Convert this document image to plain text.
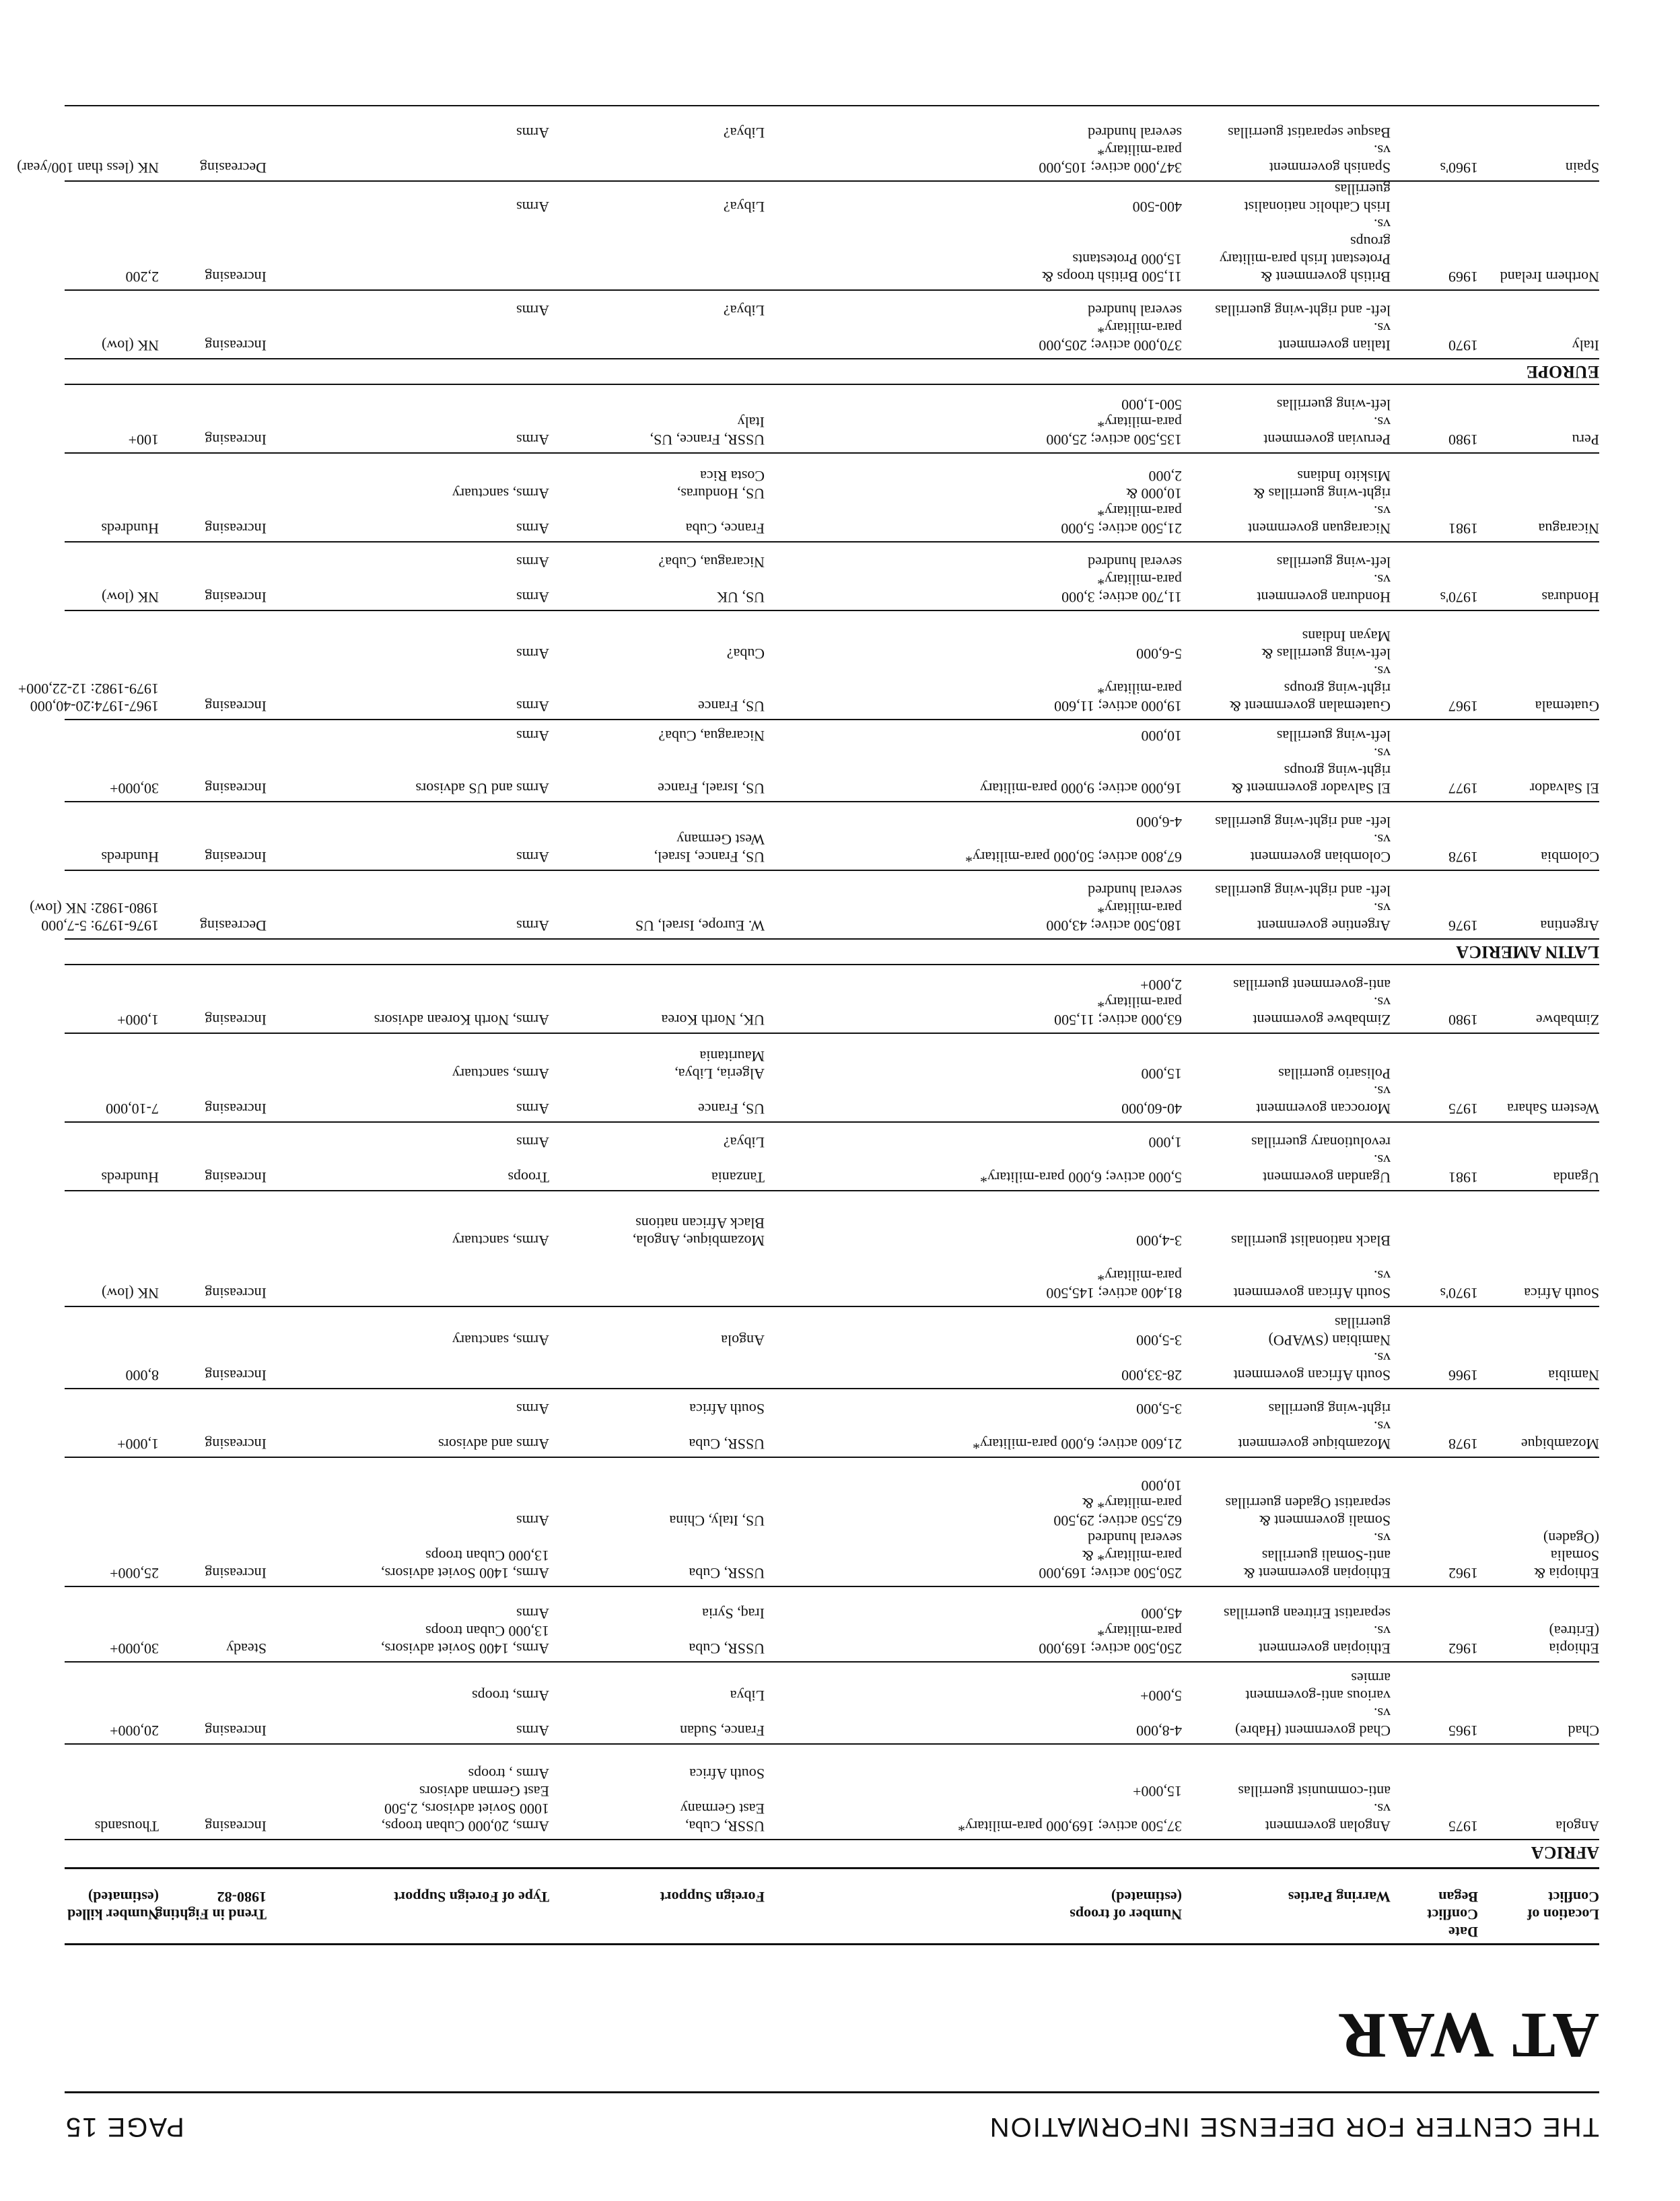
THE CENTER FOR DEFENSE INFORMATION
PAGE 15
AT WAR
Location of
Conflict
Date
Conflict
Began

Warring Parties

Number of troops
(estimated)

Foreign Support

Type of Foreign Support

Trend in Fighting
1980-82

Number killed
(estimated)
AFRICA
Angola
1975
Angolan government
vs.
anti-communist guerrillas
37,500 active; 169,000 para-military*

15,000+
USSR, Cuba,
East Germany

South Africa
Arms, 20,000 Cuban troops,
1000 Soviet advisors, 2,500
East German advisors
Arms , troops
Increasing
Thousands
Chad
1965
Chad government (Habre)
vs.
various anti-government
armies
4-8,000

5,000+
France, Sudan

Libya
Arms

Arms, troops
Increasing
20,000+
Ethiopia
(Eritrea)
1962
Ethiopian government
vs.
separatist Eritrean guerrillas
250,500 active; 169,000
para-military*
45,000
USSR, Cuba

Iraq, Syria
Arms, 1400 Soviet advisors,
13,000 Cuban troops
Arms
Steady
30,000+
Ethiopia &
Somalia
(Ogaden)
1962
Ethiopian government &
anti-Somali guerrillas
vs.
Somali government &
separatist Ogaden guerrillas
250,500 active; 169,000
para-military* &
several hundred
62,550 active; 29,500
para-military* &
10,000
USSR, Cuba

US, Italy, China
Arms, 1400 Soviet advisors,
13,000 Cuban troops

Arms
Increasing
25,000+
Mozambique
1978
Mozambique government
vs.
right-wing guerrillas
21,600 active; 6,000 para-military*

3-5,000
USSR, Cuba

South Africa
Arms and advisors

Arms
Increasing
1,000+
Namibia
1966
South African government
vs.
Namibian (SWAPO)
guerrillas
28-33,000

3-5,000

Angola

Arms, sanctuary
Increasing
8,000
South Africa
1970's
South African government
vs.

Black nationalist guerrillas
81,400 active; 145,500
para-military*

3-4,000

Mozambique, Angola,
Black African nations

Arms, sanctuary
Increasing
NK (low)
Uganda
1981
Ugandan government
vs.
revolutionary guerrillas
5,000 active; 6,000 para-military*

1,000
Tanzania

Libya?
Troops

Arms
Increasing
Hundreds
Western Sahara
1975
Moroccan government
vs.
Polisario guerrillas
40-60,000

15,000
US, France

Algeria, Libya,
Mauritania
Arms

Arms, sanctuary
Increasing
7-10,000
Zimbabwe
1980
Zimbabwe government
vs.
anti-government guerrillas
63,000 active; 11,500
para-military*
2,000+
UK, North Korea
Arms, North Korean advisors
Increasing
1,000+
LATIN AMERICA
Argentina
1976
Argentine government
vs.
left- and right-wing guerrillas
180,500 active; 43,000
para-military*
several hundred
W. Europe, Israel, US
Arms
Decreasing
1976-1979: 5-7,000
1980-1982: NK (low)
Colombia
1978
Colombian government
vs.
left- and right-wing guerrillas
67,800 active; 50,000 para-military*

4-6,000
US, France, Israel,
West Germany
Arms
Increasing
Hundreds
El Salvador
1977
El Salvador government &
right-wing groups
vs.
left-wing guerrillas
16,000 active; 9,000 para-military

10,000
US, Israel, France

Nicaragua, Cuba?
Arms and US advisors

Arms
Increasing
30,000+
Guatemala
1967
Guatemalan government &
right-wing groups
vs.
left-wing guerrillas &
Mayan Indians
19,000 active; 11,600
para-military*

5-6,000
US, France

Cuba?
Arms

Arms
Increasing
1967-1974:20-40,000
1979-1982: 12-22,000+
Honduras
1970's
Honduran government
vs.
left-wing guerrillas
11,700 active; 3,000
para-military*
several hundred
US, UK

Nicaragua, Cuba?
Arms

Arms
Increasing
NK (low)
Nicaragua
1981
Nicaraguan government
vs.
right-wing guerrillas &
Miskito Indians
21,500 active; 5,000
para-military*
10,000 &
2,000
France, Cuba

US, Honduras,
Costa Rica
Arms

Arms, sanctuary
Increasing
Hundreds
Peru
1980
Peruvian government
vs.
left-wing guerrillas
135,500 active; 25,000
para-military*
500-1,000
USSR, France, US,
Italy
Arms
Increasing
100+
EUROPE
Italy
1970
Italian government
vs.
left- and right-wing guerrillas
370,000 active; 205,000
para-military*
several hundred

Libya?

Arms
Increasing
NK (low)
Northern Ireland
1969
British government &
Protestant Irish para-military
groups
vs.
Irish Catholic nationalist
guerrillas
11,500 British troops &
15,000 Protestants

400-500

Libya?

Arms
Increasing
2,200
Spain
1960's
Spanish government
vs.
Basque separatist guerrillas
347,000 active; 105,000
para-military*
several hundred

Libya?

Arms
Decreasing
NK (less than 100/year)
